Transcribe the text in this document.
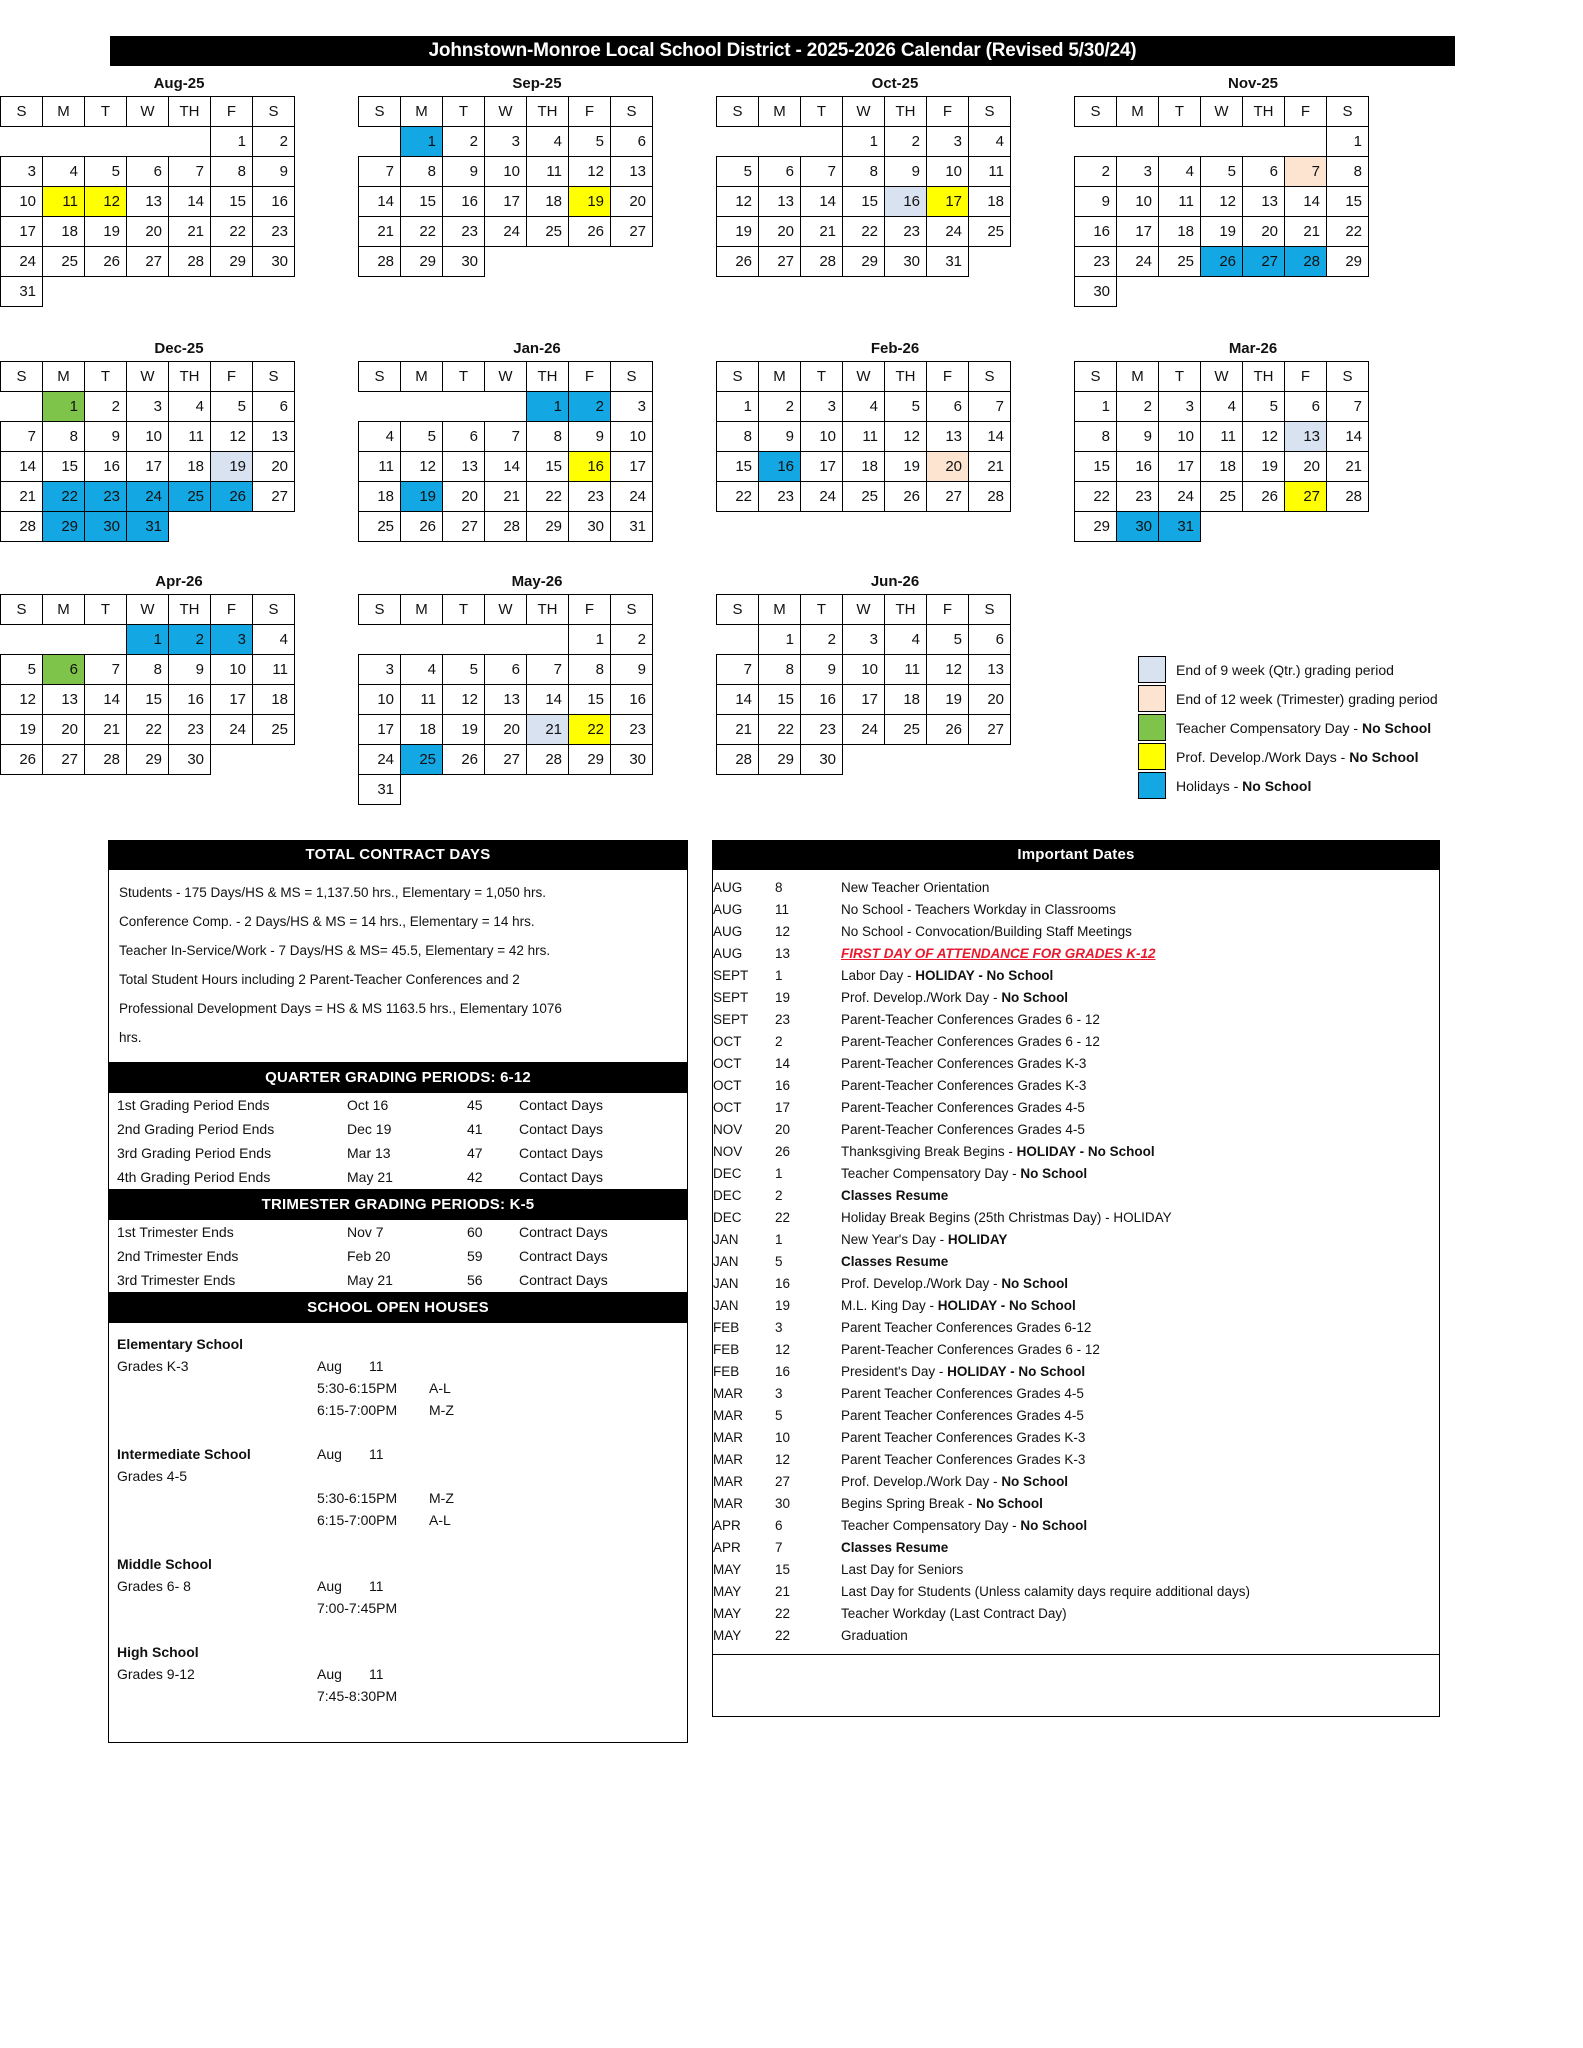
Johnstown-Monroe Local School District - 2025-2026 Calendar (Revised 5/30/24)
Aug-25
S	M	T	W	TH	F	S
					1	2
3	4	5	6	7	8	9
10	11	12	13	14	15	16
17	18	19	20	21	22	23
24	25	26	27	28	29	30
31						
Sep-25
S	M	T	W	TH	F	S
	1	2	3	4	5	6
7	8	9	10	11	12	13
14	15	16	17	18	19	20
21	22	23	24	25	26	27
28	29	30				
Oct-25
S	M	T	W	TH	F	S
			1	2	3	4
5	6	7	8	9	10	11
12	13	14	15	16	17	18
19	20	21	22	23	24	25
26	27	28	29	30	31	
Nov-25
S	M	T	W	TH	F	S
						1
2	3	4	5	6	7	8
9	10	11	12	13	14	15
16	17	18	19	20	21	22
23	24	25	26	27	28	29
30						
Dec-25
S	M	T	W	TH	F	S
	1	2	3	4	5	6
7	8	9	10	11	12	13
14	15	16	17	18	19	20
21	22	23	24	25	26	27
28	29	30	31			
Jan-26
S	M	T	W	TH	F	S
				1	2	3
4	5	6	7	8	9	10
11	12	13	14	15	16	17
18	19	20	21	22	23	24
25	26	27	28	29	30	31
Feb-26
S	M	T	W	TH	F	S
1	2	3	4	5	6	7
8	9	10	11	12	13	14
15	16	17	18	19	20	21
22	23	24	25	26	27	28
Mar-26
S	M	T	W	TH	F	S
1	2	3	4	5	6	7
8	9	10	11	12	13	14
15	16	17	18	19	20	21
22	23	24	25	26	27	28
29	30	31				
Apr-26
S	M	T	W	TH	F	S
			1	2	3	4
5	6	7	8	9	10	11
12	13	14	15	16	17	18
19	20	21	22	23	24	25
26	27	28	29	30		
May-26
S	M	T	W	TH	F	S
					1	2
3	4	5	6	7	8	9
10	11	12	13	14	15	16
17	18	19	20	21	22	23
24	25	26	27	28	29	30
31						
Jun-26
S	M	T	W	TH	F	S
	1	2	3	4	5	6
7	8	9	10	11	12	13
14	15	16	17	18	19	20
21	22	23	24	25	26	27
28	29	30				
End of 9 week (Qtr.) grading period
End of 12 week (Trimester) grading period
Teacher Compensatory Day - No School
Prof. Develop./Work Days - No School
Holidays - No School
TOTAL CONTRACT DAYS
Students - 175 Days/HS & MS = 1,137.50 hrs., Elementary = 1,050 hrs.
Conference Comp. - 2 Days/HS & MS = 14 hrs., Elementary = 14 hrs.
Teacher In-Service/Work - 7 Days/HS & MS= 45.5, Elementary = 42 hrs.
Total Student Hours including 2 Parent-Teacher Conferences and 2
Professional Development Days = HS & MS 1163.5 hrs., Elementary 1076
hrs.
QUARTER GRADING PERIODS: 6-12
1st Grading Period Ends	Oct 16	45	Contact Days
2nd Grading Period Ends	Dec 19	41	Contact Days
3rd Grading Period Ends	Mar 13	47	Contact Days
4th Grading Period Ends	May 21	42	Contact Days
TRIMESTER GRADING PERIODS: K-5
1st Trimester Ends	Nov 7	60	Contract Days
2nd Trimester Ends	Feb 20	59	Contract Days
3rd Trimester Ends	May 21	56	Contract Days
SCHOOL OPEN HOUSES
Elementary School			
Grades K-3	Aug	11	
	5:30-6:15PM		A-L
	6:15-7:00PM		M-Z

Intermediate School	Aug	11	
Grades 4-5			
	5:30-6:15PM		M-Z
	6:15-7:00PM		A-L

Middle School			
Grades 6- 8	Aug	11	
	7:00-7:45PM		

High School			
Grades 9-12	Aug	11	
	7:45-8:30PM		
Important Dates
AUG	8	New Teacher Orientation
AUG	11	No School - Teachers Workday in Classrooms
AUG	12	No School - Convocation/Building Staff Meetings
AUG	13	FIRST DAY OF ATTENDANCE FOR GRADES K-12
SEPT	1	Labor Day - HOLIDAY - No School
SEPT	19	Prof. Develop./Work Day - No School
SEPT	23	Parent-Teacher Conferences Grades 6 - 12
OCT	2	Parent-Teacher Conferences Grades 6 - 12
OCT	14	Parent-Teacher Conferences Grades K-3
OCT	16	Parent-Teacher Conferences Grades K-3
OCT	17	Parent-Teacher Conferences Grades 4-5
NOV	20	Parent-Teacher Conferences Grades 4-5
NOV	26	Thanksgiving Break Begins - HOLIDAY - No School
DEC	1	Teacher Compensatory Day - No School
DEC	2	Classes Resume
DEC	22	Holiday Break Begins (25th Christmas Day) - HOLIDAY
JAN	1	New Year's Day - HOLIDAY
JAN	5	Classes Resume
JAN	16	Prof. Develop./Work Day - No School
JAN	19	M.L. King Day - HOLIDAY - No School
FEB	3	Parent Teacher Conferences Grades 6-12
FEB	12	Parent-Teacher Conferences Grades 6 - 12
FEB	16	President's Day - HOLIDAY - No School
MAR	3	Parent Teacher Conferences Grades 4-5
MAR	5	Parent Teacher Conferences Grades 4-5
MAR	10	Parent Teacher Conferences Grades K-3
MAR	12	Parent Teacher Conferences Grades K-3
MAR	27	Prof. Develop./Work Day - No School
MAR	30	Begins Spring Break - No School
APR	6	Teacher Compensatory Day - No School
APR	7	Classes Resume
MAY	15	Last Day for Seniors
MAY	21	Last Day for Students (Unless calamity days require additional days)
MAY	22	Teacher Workday (Last Contract Day)
MAY	22	Graduation
